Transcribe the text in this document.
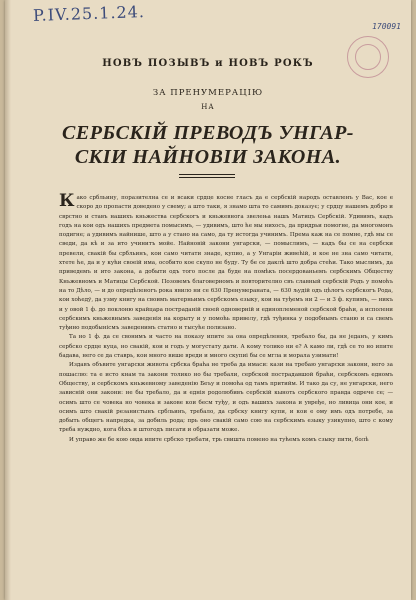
P.IV.25.1.24.
170091
НОВЪ ПОЗЫВЪ и НОВЪ РОКЪ
ЗА ПРЕНУМЕРАЦІЮ
НА
СЕРБСКІЙ ПРЕВОДЪ УНГАР-
СКІИ НАЙНОВІИ ЗАКОНА.

Како србльину, поразителна се и всаки срдце косне гласъ да е сербскій народъ оставленъ у Вас, кое е скоро до пропасти доведено у свему; а што таки, я знамо шта то самимъ доказує; у срдцу нашемъ добро и сврстно и ставъ нашихъ кньжества сербскогъ и кньжевнога звелења нашъ Матицъ Сербскій. Удивимъ, кадъ годъ на кои одъ нашихъ предмета помысимъ, — удивимъ, што ће мы нихосъ, да придрьи помогне, да многомонъ подигне; а удивимъ найнише, што а у стано иа само, да ту истогда учинимъ. Према каж на се помне, гдѣ мы се сведи, да кѣ и за ито учинитъ мойе. Найновій закони унгарски, — помыслимъ, — кадъ бы се на сербски превели, свакій бы србльинъ, кои само читати знаде, купио, а у Унгаріи живећій, и кое не зна само читати, хтете ће, да и у кући своеій има, особито кое скупо не буду. Ту бе се даклѣ што добра стећи. Тако мыслимъ, да приведемъ и ито закона, а добыти одъ того после да буде на помѣкъ посердованьемъ сербскимъ Обществу Кньжевномъ и Матицы Сербской. Позовемъ благоверномъ и повторително свъ славный сербскій Родъ у помоћъ на то Дѣло, — и до опредѣленогъ рока явило ни се 630 Пренумераната, — 630 људій одъ цѣлогъ сербскогъ Рода, кои хоћедў, да узму книгу на своимъ матерньимъ сербскомъ езыку, кои на туђемъ ни 2 — и 3 ф. купимъ, — никъ и у овой 1 ф. до поклоню крайцара постраданій своей одноверній и единоплеменой сербской браћи, а исполени сербскимъ кньжевнымъ заведенія на корыту и у помоћь привелу, гдѣ туђинка у подобнымъ станю и са свемъ туђино подобынісмъ заведенимъ статно и тысуће полизано.

Та но 1 ф. да се свонимъ и часто на показу ипите за она опредѣлення, требало бы, да не једанъ, у кимъ сербско срдце куца, но свакій, кои и годъ у могустату дати. А кому толико ни е? А камо ли, гдѣ се то но ипите бадава, него се да ставрь, кои много више вреди и много скупиі бы се мгла и морала узимати!

Издавъ объвите унгарски живота србска браћа не треба да имаси: кази на требаю унгарски закони, него за пошаслю: та е исто кнам та закони толико но бы требали, сербской пострадавшой браћи, сербскомъ едномъ Обществу, и сербскомъ кньжевному заведенію Беъу и помоћа од тамъ притийм. И тако да су, не унгарски, него зависній они закони: не бы требало, да и еднія родолюбивъ сербскій кыноть сербского правда одрече се; — осимъ што се човека но човека и закове кои бесм туђу, и одъ вашихъ закона и увређе, но ливица они кое, и осимъ што свакій резанистынъ србльинъ, требало, да србску книгу купи, и кои е ому имъ одъ потребе, за добыть общегъ напредка, за добиль рода; прь оно свакій само сою на сербскимъ езыку узикупно, што с кому треба нуждно, кога бѣхъ и штогодъ писати и образати може.

И управо же бе кою овда ипите србско требати, трь свишта помено на тућемъ комъ сзыку пити, болѣ
